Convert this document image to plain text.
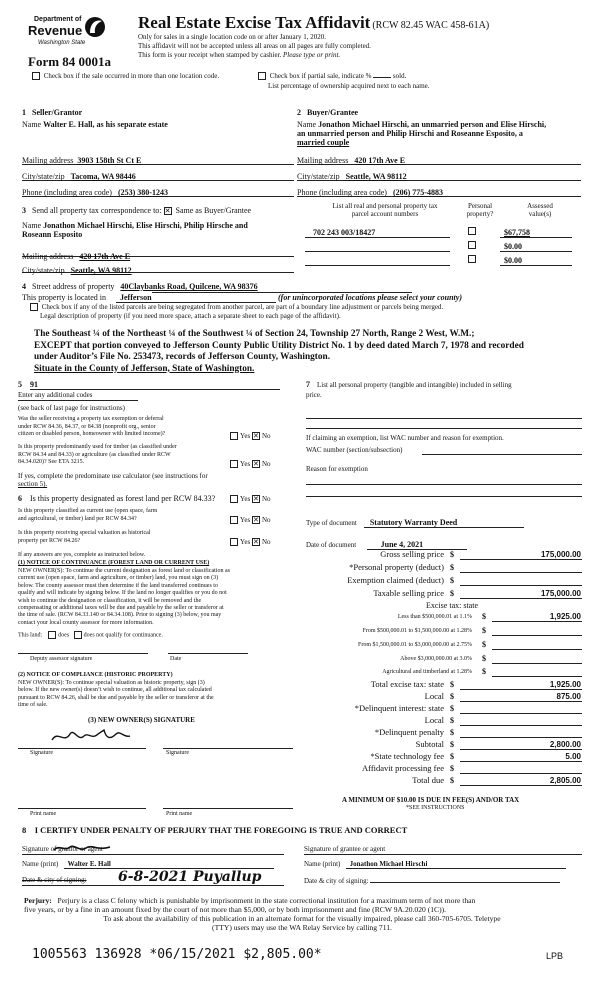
Department of
Revenue
Washington State
Form 84 0001a
Real Estate Excise Tax Affidavit (RCW 82.45 WAC 458-61A)
Only for sales in a single location code on or after January 1, 2020.
This affidavit will not be accepted unless all areas on all pages are fully completed.
This form is your receipt when stamped by cashier. Please type or print.
Check box if the sale occurred in more than one location code.	Check box if partial sale, indicate %	sold.
List percentage of ownership acquired next to each name.
1 Seller/Grantor
Name Walter E. Hall, as his separate estate
Mailing address 3903 158th St Ct E
City/state/zip Tacoma, WA 98446
Phone (including area code) (253) 380-1243
2 Buyer/Grantee
Name Jonathon Michael Hirschi, an unmarried person and Elise Hirschi,
an unmarried person and Philip Hirschi and Roseanne Esposito, a
married couple
Mailing address 420 17th Ave E
City/state/zip Seattle, WA 98112
Phone (including area code) (206) 775-4883
3 Send all property tax correspondence to: ✕ Same as Buyer/Grantee
Name Jonathon Michael Hirschi, Elise Hirschi, Philip Hirsche and
Roseann Esposito
Mailing address 420 17th Ave E
City/state/zip Seattle, WA 98112
List all real and personal property tax
parcel account numbers
Personal
property?
Assessed
value(s)
702 243 003/18427	$67,758
$0.00
$0.00
4 Street address of property 40Claybanks Road, Quilcene, WA 98376
This property is located in Jefferson	(for unincorporated locations please select your county)
Check box if any of the listed parcels are being segregated from another parcel, are part of a boundary line adjustment or parcels being merged.
Legal description of property (if you need more space, attach a separate sheet to each page of the affidavit).
The Southeast ¼ of the Northeast ¼ of the Southwest ¼ of Section 24, Township 27 North, Range 2 West, W.M.;
EXCEPT that portion conveyed to Jefferson County Public Utility District No. 1 by deed dated March 7, 1978 and recorded
under Auditor’s File No. 253473, records of Jefferson County, Washington.
Situate in the County of Jefferson, State of Washington.
5 91
Enter any additional codes
(see back of last page for instructions)
Was the seller receiving a property tax exemption or deferral
under RCW 84.36, 84.37, or 84.38 (nonprofit org., senior
citizen or disabled person, homeowner with limited income)?	Yes ✕ No
Is this property predominantly used for timber (as classified under
RCW 84.34 and 84.33) or agriculture (as classified under RCW
84.34.020)? See ETA 3215.	Yes ✕ No
If yes, complete the predominate use calculator (see instructions for
section 5).
6 Is this property designated as forest land per RCW 84.33?	Yes ✕ No
Is this property classified as current use (open space, farm
and agricultural, or timber) land per RCW 84.34?	Yes ✕ No
Is this property receiving special valuation as historical
property per RCW 84.26?	Yes ✕ No
If any answers are yes, complete as instructed below.
(1) NOTICE OF CONTINUANCE (FOREST LAND OR CURRENT USE)
NEW OWNER(S): To continue the current designation as forest land or classification as
current use (open space, farm and agriculture, or timber) land, you must sign on (3)
below. The county assessor must then determine if the land transferred continues to
qualify and will indicate by signing below. If the land no longer qualifies or you do not
wish to continue the designation or classification, it will be removed and the
compensating or additional taxes will be due and payable by the seller or transferor at
the time of sale. (RCW 84.33.140 or 84.34.108). Prior to signing (3) below, you may
contact your local county assessor for more information.
This land:	does does not qualify for continuance.
Deputy assessor signature	Date
(2) NOTICE OF COMPLIANCE (HISTORIC PROPERTY)
NEW OWNER(S): To continue special valuation as historic property, sign (3)
below. If the new owner(s) doesn’t wish to continue, all additional tax calculated
pursuant to RCW 84.26, shall be due and payable by the seller or transferor at the
time of sale.
(3) NEW OWNER(S) SIGNATURE
Signature	Signature
Print name	Print name
7 List all personal property (tangible and intangible) included in selling
price.
If claiming an exemption, list WAC number and reason for exemption.
WAC number (section/subsection)
Reason for exemption
Type of document Statutory Warranty Deed
Date of document	June 4, 2021
Gross selling price $	175,000.00
*Personal property (deduct) $
Exemption claimed (deduct) $
Taxable selling price $	175,000.00
Excise tax: state
Less than $500,000.01 at 1.1% $	1,925.00
From $500,000.01 to $1,500,000.00 at 1.28% $
From $1,500,000.01 to $3,000,000.00 at 2.75% $
Above $3,000,000.00 at 3.0% $
Agricultural and timberland at 1.28% $
Total excise tax: state $	1,925.00
Local $	875.00
*Delinquent interest: state $
Local $
*Delinquent penalty $
Subtotal $	2,800.00
*State technology fee $	5.00
Affidavit processing fee $
Total due $	2,805.00
A MINIMUM OF $10.00 IS DUE IN FEE(S) AND/OR TAX
*SEE INSTRUCTIONS
8 I CERTIFY UNDER PENALTY OF PERJURY THAT THE FOREGOING IS TRUE AND CORRECT
Signature of grantor or agent	Signature of grantee or agent
Name (print) Walter E. Hall	Name (print) Jonathon Michael Hirschi
Date & city of signing: 6-8-2021 Puyallup	Date & city of signing:
Perjury: Perjury is a class C felony which is punishable by imprisonment in the state correctional institution for a maximum term of not more than
five years, or by a fine in an amount fixed by the court of not more than $5,000, or by both imprisonment and fine (RCW 9A.20.020 (1C)).
To ask about the availability of this publication in an alternate format for the visually impaired, please call 360-705-6705. Teletype
(TTY) users may use the WA Relay Service by calling 711.
1005563 136928 *06/15/2021 $2,805.00*	LPB
